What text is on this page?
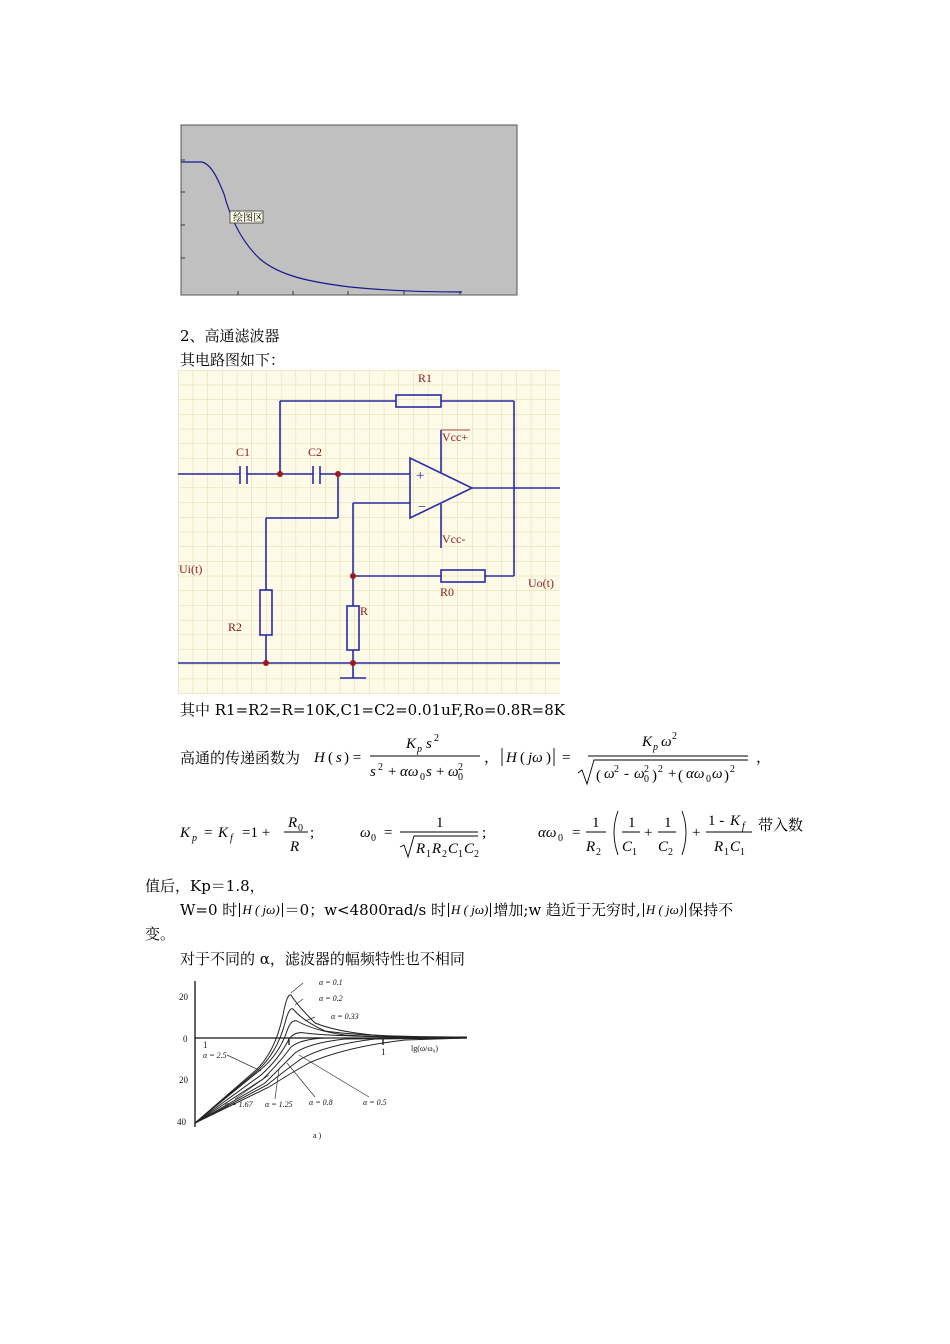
绘图区
2、高通滤波器
其电路图如下：
R1
C1	C2
Vcc+
Vcc-
Ui(t)
Uo(t)
R2
R
R0
+
−
其中 R1=R2=R=10K,C1=C2=0.01uF,Ro=0.8R=8K
高通的传递函数为 H ( s ) =
K p s 2
s 2 + αω 0 s + ω 0
2
， H ( jω ) =
K p ω 2
( ω 2 - ω 0
2 ) 2 + ( αω 0 ω ) 2
，
K p = K f =1 +
R 0
R
;	ω 0 =
1
R 1 R 2 C 1 C 2
;	αω 0 =
1
R 2
1
C 1
+
1
C 2
+
1 - K f
R 1 C 1
带入数
值后，Kp＝1.8，
W=0 时 H ( jω) ＝0；w<4800rad/s 时 H ( jω) 增加;w 趋近于无穷时, H ( jω) 保持不
变。
对于不同的 α，滤波器的幅频特性也不相同
20
0
20
40
1
1	lg(ω/ω₀)
α = 0.1
α = 0.2
α = 0.33
α = 2.5
α = 1.67 α = 1.25 α = 0.8	α = 0.5
a )
